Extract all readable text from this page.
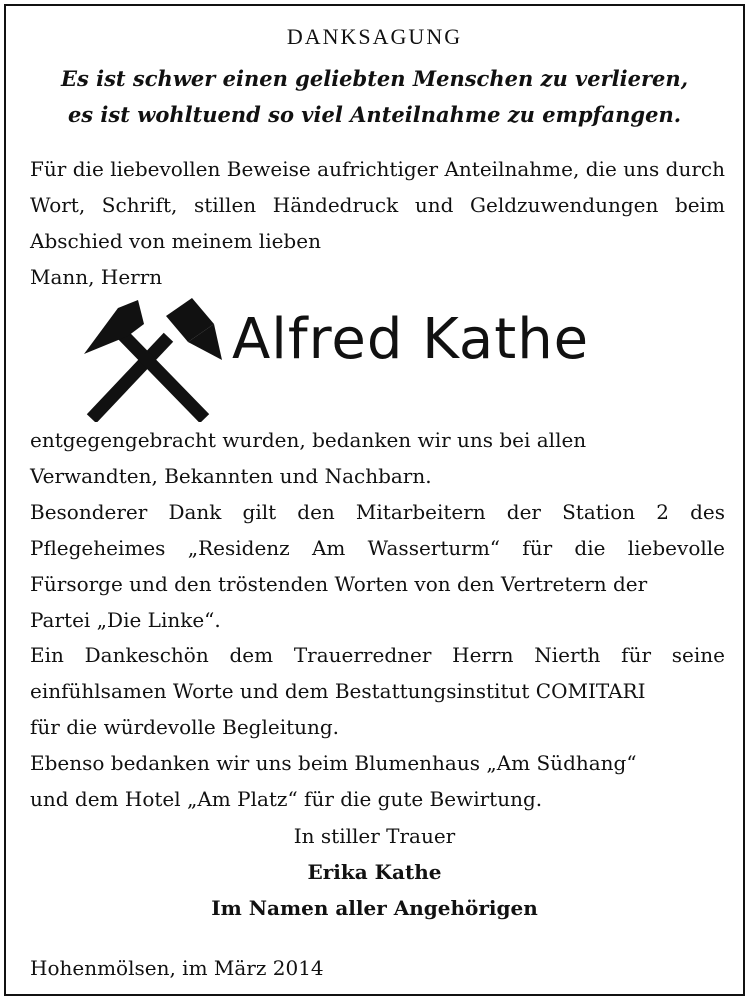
DANKSAGUNG
Es ist schwer einen geliebten Menschen zu verlieren,
es ist wohltuend so viel Anteilnahme zu empfangen.

Für die liebevollen Beweise aufrichtiger Anteilnahme, die uns durch Wort, Schrift, stillen Händedruck und Geldzuwendungen beim Abschied von meinem lieben
Mann, Herrn

Alfred Kathe

entgegengebracht wurden, bedanken wir uns bei allen
Verwandten, Bekannten und Nachbarn.

Besonderer Dank gilt den Mitarbeitern der Station 2 des Pflegeheimes „Residenz Am Wasserturm“ für die liebevolle Fürsorge und den tröstenden Worten von den Vertretern der
Partei „Die Linke“.

Ein Dankeschön dem Trauerredner Herrn Nierth für seine einfühlsamen Worte und dem Bestattungsinstitut COMITARI
für die würdevolle Begleitung.

Ebenso bedanken wir uns beim Blumenhaus „Am Südhang“
und dem Hotel „Am Platz“ für die gute Bewirtung.

In stiller Trauer
Erika Kathe
Im Namen aller Angehörigen
Hohenmölsen, im März 2014
